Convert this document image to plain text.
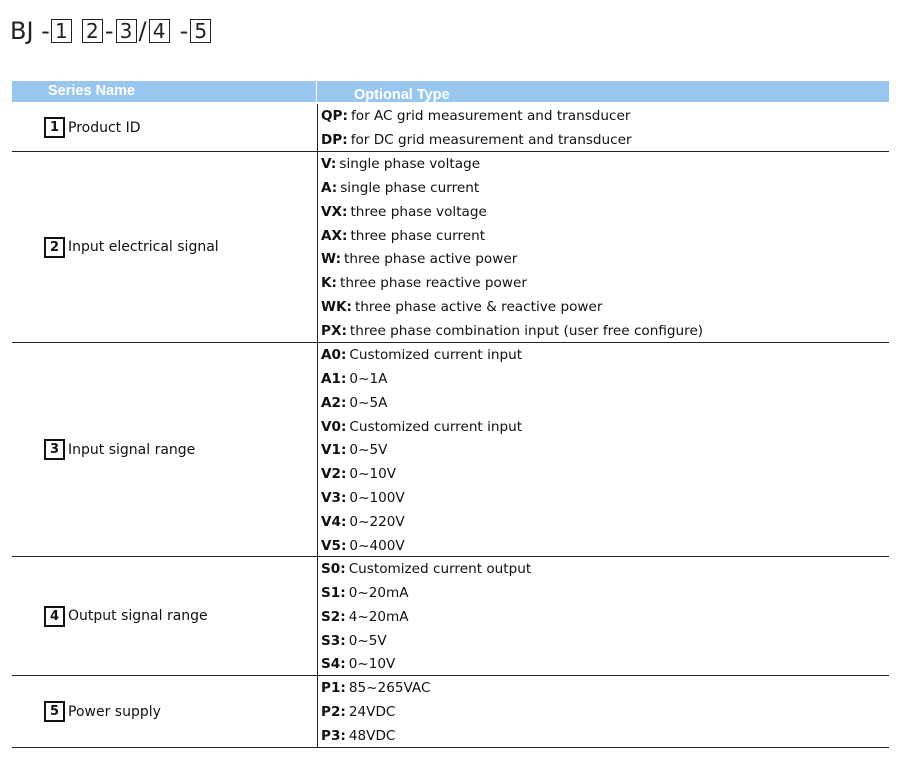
BJ - 1 2 - 3 / 4 - 5
Series Name	Optional Type
1 Product ID
QP: for AC grid measurement and transducer
DP: for DC grid measurement and transducer
2 Input electrical signal
V: single phase voltage
A: single phase current
VX: three phase voltage
AX: three phase current
W: three phase active power
K: three phase reactive power
WK: three phase active & reactive power
PX: three phase combination input (user free configure)
3 Input signal range
A0: Customized current input
A1: 0~1A
A2: 0~5A
V0: Customized current input
V1: 0~5V
V2: 0~10V
V3: 0~100V
V4: 0~220V
V5: 0~400V
4 Output signal range
S0: Customized current output
S1: 0~20mA
S2: 4~20mA
S3: 0~5V
S4: 0~10V
5 Power supply
P1: 85~265VAC
P2: 24VDC
P3: 48VDC
